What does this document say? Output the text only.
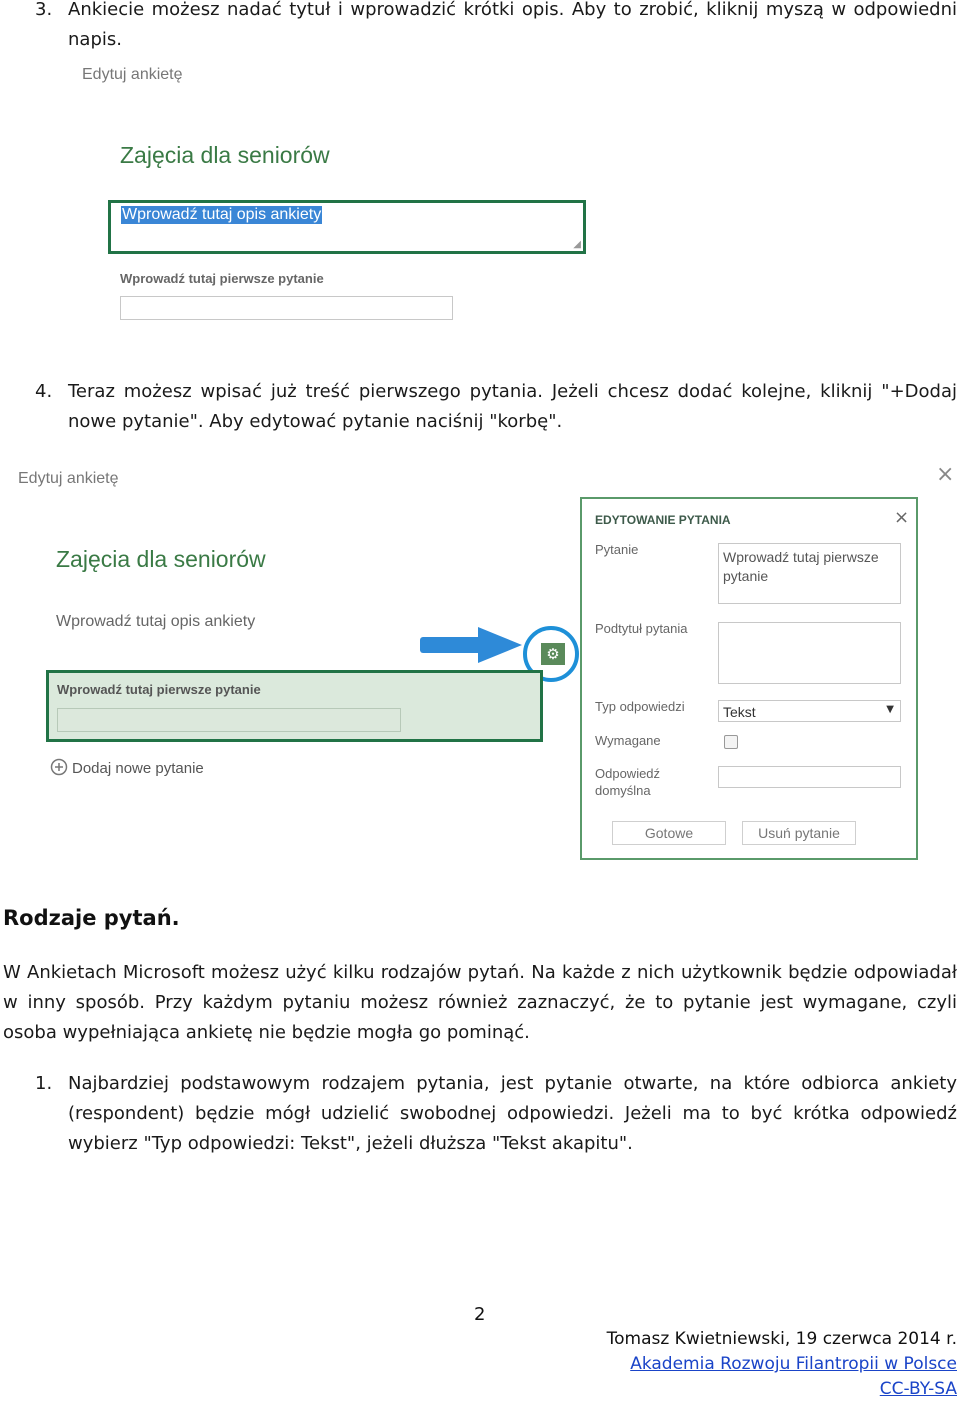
3. Ankiecie możesz nadać tytuł i wprowadzić krótki opis. Aby to zrobić, kliknij myszą w odpowiedni napis.
Edytuj ankietę
Zajęcia dla seniorów
Wprowadź tutaj opis ankiety
◢
Wprowadź tutaj pierwsze pytanie
4. Teraz możesz wpisać już treść pierwszego pytania. Jeżeli chcesz dodać kolejne, kliknij "+Dodaj nowe pytanie". Aby edytować pytanie naciśnij "korbę".
Edytuj ankietę	×
Zajęcia dla seniorów
Wprowadź tutaj opis ankiety
⚙
Wprowadź tutaj pierwsze pytanie
Dodaj nowe pytanie
EDYTOWANIE PYTANIA	×
Pytanie	Wprowadź tutaj pierwsze pytanie
Podtytuł pytania
Typ odpowiedzi	Tekst	▼
Wymagane
Odpowiedź domyślna
Gotowe	Usuń pytanie
Rodzaje pytań.
W Ankietach Microsoft możesz użyć kilku rodzajów pytań. Na każde z nich użytkownik będzie odpowiadał w inny sposób. Przy każdym pytaniu możesz również zaznaczyć, że to pytanie jest wymagane, czyli osoba wypełniająca ankietę nie będzie mogła go pominąć.
1. Najbardziej podstawowym rodzajem pytania, jest pytanie otwarte, na które odbiorca ankiety (respondent) będzie mógł udzielić swobodnej odpowiedzi. Jeżeli ma to być krótka odpowiedź wybierz "Typ odpowiedzi: Tekst", jeżeli dłuższa "Tekst akapitu".
2
Tomasz Kwietniewski, 19 czerwca 2014 r.
Akademia Rozwoju Filantropii w Polsce
CC-BY-SA
